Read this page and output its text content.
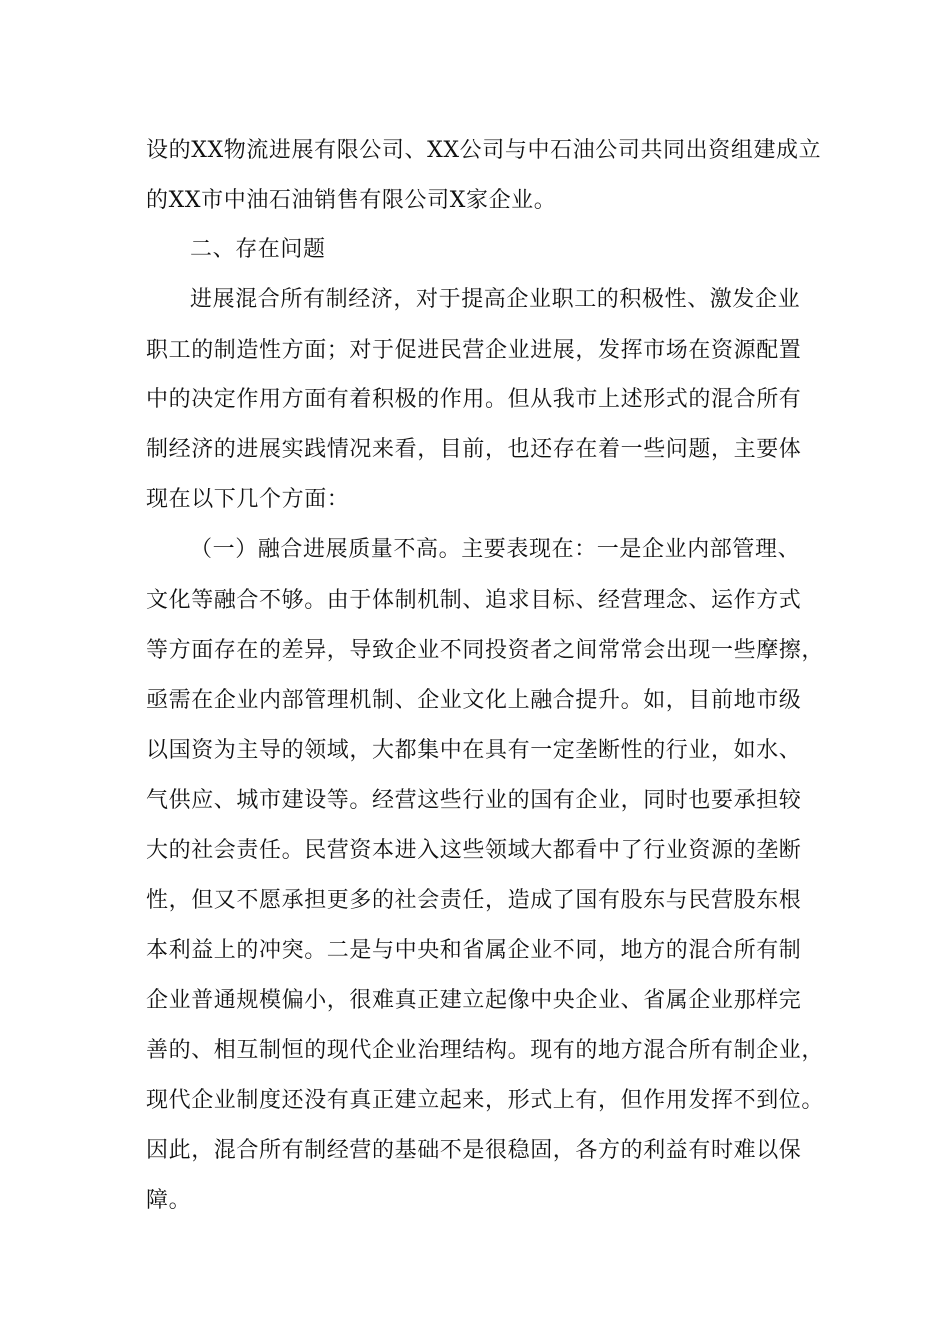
设的XX物流进展有限公司、XX公司与中石油公司共同出资组建成立
的XX市中油石油销售有限公司X家企业。
二、存在问题
进展混合所有制经济，对于提高企业职工的积极性、激发企业
职工的制造性方面；对于促进民营企业进展，发挥市场在资源配置
中的决定作用方面有着积极的作用。但从我市上述形式的混合所有
制经济的进展实践情况来看，目前，也还存在着一些问题，主要体
现在以下几个方面：
（一）融合进展质量不高。主要表现在：一是企业内部管理、
文化等融合不够。由于体制机制、追求目标、经营理念、运作方式
等方面存在的差异，导致企业不同投资者之间常常会出现一些摩擦，
亟需在企业内部管理机制、企业文化上融合提升。如，目前地市级
以国资为主导的领域，大都集中在具有一定垄断性的行业，如水、
气供应、城市建设等。经营这些行业的国有企业，同时也要承担较
大的社会责任。民营资本进入这些领域大都看中了行业资源的垄断
性，但又不愿承担更多的社会责任，造成了国有股东与民营股东根
本利益上的冲突。二是与中央和省属企业不同，地方的混合所有制
企业普通规模偏小，很难真正建立起像中央企业、省属企业那样完
善的、相互制恒的现代企业治理结构。现有的地方混合所有制企业，
现代企业制度还没有真正建立起来，形式上有，但作用发挥不到位。
因此，混合所有制经营的基础不是很稳固，各方的利益有时难以保
障。
